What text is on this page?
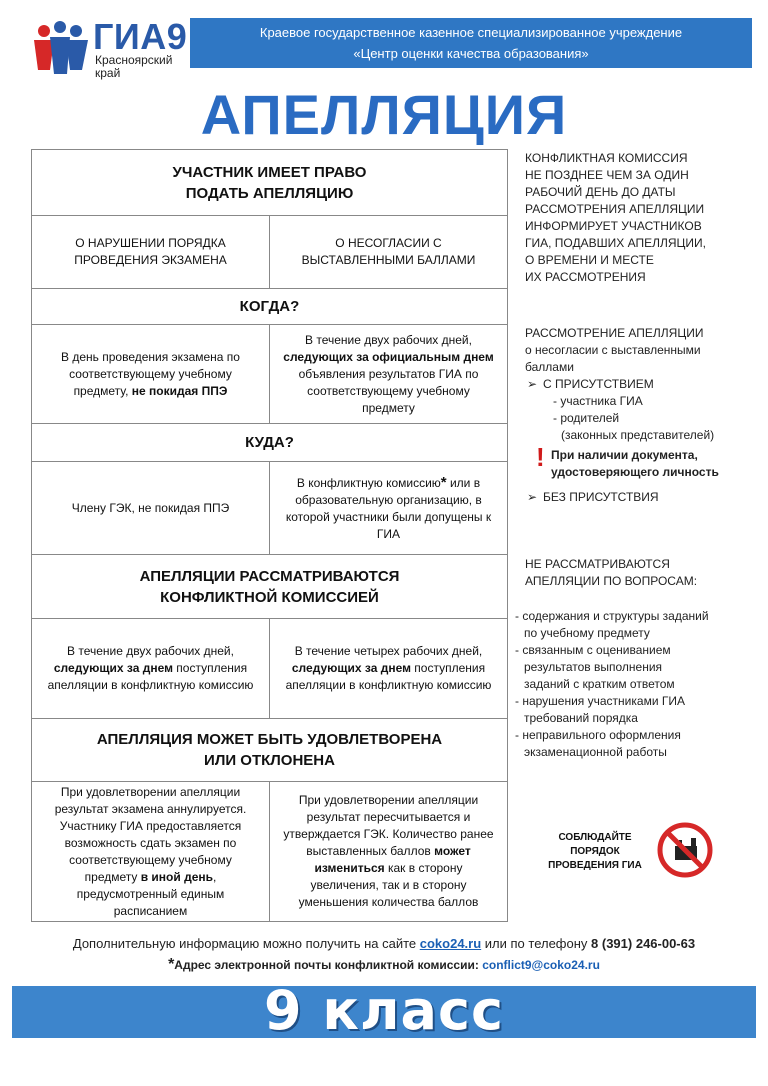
ГИА9
Красноярский
край
Краевое государственное казенное специализированное учреждение
«Центр оценки качества образования»
АПЕЛЛЯЦИЯ
УЧАСТНИК ИМЕЕТ ПРАВО
ПОДАТЬ АПЕЛЛЯЦИЮ
О НАРУШЕНИИ ПОРЯДКА ПРОВЕДЕНИЯ ЭКЗАМЕНА
О НЕСОГЛАСИИ С ВЫСТАВЛЕННЫМИ БАЛЛАМИ
КОГДА?
В день проведения экзамена по соответствующему учебному предмету, не покидая ППЭ
В течение двух рабочих дней, следующих за официальным днем объявления результатов ГИА по соответствующему учебному предмету
КУДА?
Члену ГЭК, не покидая ППЭ
В конфликтную комиссию* или в образовательную организацию, в которой участники были допущены к ГИА
АПЕЛЛЯЦИИ РАССМАТРИВАЮТСЯ
КОНФЛИКТНОЙ КОМИССИЕЙ
В течение двух рабочих дней, следующих за днем поступления апелляции в конфликтную комиссию
В течение четырех рабочих дней, следующих за днем поступления апелляции в конфликтную комиссию
АПЕЛЛЯЦИЯ МОЖЕТ БЫТЬ УДОВЛЕТВОРЕНА
ИЛИ ОТКЛОНЕНА
При удовлетворении апелляции результат экзамена аннулируется. Участнику ГИА предоставляется возможность сдать экзамен по соответствующему учебному предмету в иной день, предусмотренный единым расписанием
При удовлетворении апелляции результат пересчитывается и утверждается ГЭК. Количество ранее выставленных баллов может измениться как в сторону увеличения, так и в сторону уменьшения количества баллов
КОНФЛИКТНАЯ КОМИССИЯ
НЕ ПОЗДНЕЕ ЧЕМ ЗА ОДИН
РАБОЧИЙ ДЕНЬ ДО ДАТЫ
РАССМОТРЕНИЯ АПЕЛЛЯЦИИ
ИНФОРМИРУЕТ УЧАСТНИКОВ
ГИА, ПОДАВШИХ АПЕЛЛЯЦИИ,
О ВРЕМЕНИ И МЕСТЕ
ИХ РАССМОТРЕНИЯ
РАССМОТРЕНИЕ АПЕЛЛЯЦИИ
о несогласии с выставленными
баллами
➢ С ПРИСУТСТВИЕМ
- участника ГИА
- родителей
(законных представителей)
! При наличии документа,
удостоверяющего личность
➢ БЕЗ ПРИСУТСТВИЯ
НЕ РАССМАТРИВАЮТСЯ
АПЕЛЛЯЦИИ ПО ВОПРОСАМ:
- содержания и структуры заданий
по учебному предмету
- связанным с оцениванием
результатов выполнения
заданий с кратким ответом
- нарушения участниками ГИА
требований порядка
- неправильного оформления
экзаменационной работы
СОБЛЮДАЙТЕ
ПОРЯДОК
ПРОВЕДЕНИЯ ГИА
Дополнительную информацию можно получить на сайте coko24.ru или по телефону 8 (391) 246-00-63
*Адрес электронной почты конфликтной комиссии: conflict9@coko24.ru
9 класс
